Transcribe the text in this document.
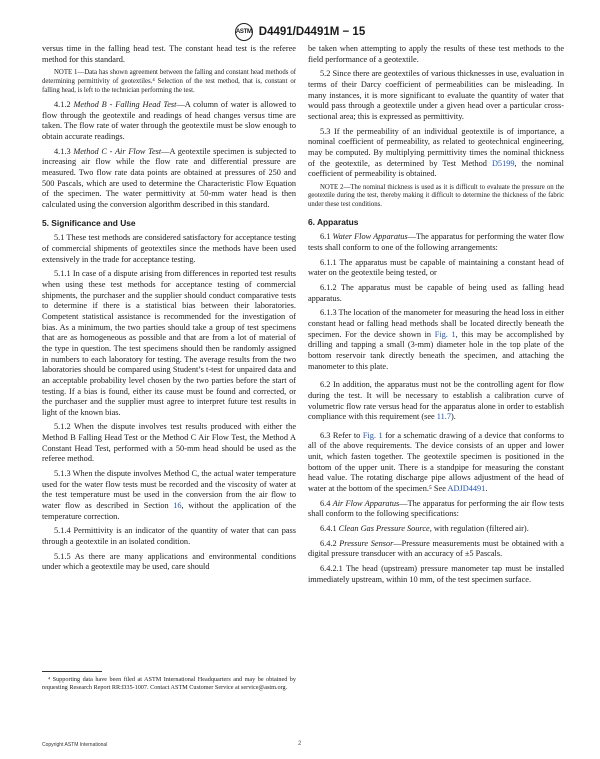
ASTM D4491/D4491M − 15

versus time in the falling head test. The constant head test is the referee method for this standard.

NOTE 1—Data has shown agreement between the falling and constant head methods of determining permittivity of geotextiles.⁴ Selection of the test method, that is, constant or falling head, is left to the technician performing the test.

4.1.2 Method B - Falling Head Test—A column of water is allowed to flow through the geotextile and readings of head changes versus time are taken. The flow rate of water through the geotextile must be slow enough to obtain accurate readings.

4.1.3 Method C - Air Flow Test—A geotextile specimen is subjected to increasing air flow while the flow rate and differential pressure are measured. Two flow rate data points are obtained at pressures of 250 and 500 Pascals, which are used to determine the Characteristic Flow Equation of the specimen. The water permittivity at 50-mm water head is then calculated using the conversion algorithm described in this standard.

5. Significance and Use

5.1 These test methods are considered satisfactory for acceptance testing of commercial shipments of geotextiles since the methods have been used extensively in the trade for acceptance testing.

5.1.1 In case of a dispute arising from differences in reported test results when using these test methods for acceptance testing of commercial shipments, the purchaser and the supplier should conduct comparative tests to determine if there is a statistical bias between their laboratories. Competent statistical assistance is recommended for the investigation of bias. As a minimum, the two parties should take a group of test specimens that are as homogeneous as possible and that are from a lot of material of the type in question. The test specimens should then be randomly assigned in numbers to each laboratory for testing. The average results from the two laboratories should be compared using Student’s t-test for unpaired data and an acceptable probability level chosen by the two parties before the start of testing. If a bias is found, either its cause must be found and corrected, or the purchaser and the supplier must agree to interpret future test results in light of the known bias.

5.1.2 When the dispute involves test results produced with either the Method B Falling Head Test or the Method C Air Flow Test, the Method A Constant Head Test, performed with a 50-mm head should be used as the referee method.

5.1.3 When the dispute involves Method C, the actual water temperature used for the water flow tests must be recorded and the viscosity of water at the test temperature must be used in the conversion from the air flow to water flow as described in Section 16, without the application of the temperature correction.

5.1.4 Permittivity is an indicator of the quantity of water that can pass through a geotextile in an isolated condition.

5.1.5 As there are many applications and environmental conditions under which a geotextile may be used, care should

be taken when attempting to apply the results of these test methods to the field performance of a geotextile.

5.2 Since there are geotextiles of various thicknesses in use, evaluation in terms of their Darcy coefficient of permeabilities can be misleading. In many instances, it is more significant to evaluate the quantity of water that would pass through a geotextile under a given head over a particular cross-sectional area; this is expressed as permittivity.

5.3 If the permeability of an individual geotextile is of importance, a nominal coefficient of permeability, as related to geotechnical engineering, may be computed. By multiplying permittivity times the nominal thickness of the geotextile, as determined by Test Method D5199, the nominal coefficient of permeability is obtained.

NOTE 2—The nominal thickness is used as it is difficult to evaluate the pressure on the geotextile during the test, thereby making it difficult to determine the thickness of the fabric under these test conditions.

6. Apparatus

6.1 Water Flow Apparatus—The apparatus for performing the water flow tests shall conform to one of the following arrangements:

6.1.1 The apparatus must be capable of maintaining a constant head of water on the geotextile being tested, or

6.1.2 The apparatus must be capable of being used as falling head apparatus.

6.1.3 The location of the manometer for measuring the head loss in either constant head or falling head methods shall be located directly beneath the specimen. For the device shown in Fig. 1, this may be accomplished by drilling and tapping a small (3-mm) diameter hole in the top plate of the bottom reservoir tank directly beneath the specimen, and attaching the manometer to this plate.

6.2 In addition, the apparatus must not be the controlling agent for flow during the test. It will be necessary to establish a calibration curve of volumetric flow rate versus head for the apparatus alone in order to establish compliance with this requirement (see 11.7).

6.3 Refer to Fig. 1 for a schematic drawing of a device that conforms to all of the above requirements. The device consists of an upper and lower unit, which fasten together. The geotextile specimen is positioned in the bottom of the upper unit. There is a standpipe for measuring the constant head value. The rotating discharge pipe allows adjustment of the head of water at the bottom of the specimen.⁵ See ADJD4491.

6.4 Air Flow Apparatus—The apparatus for performing the air flow tests shall conform to the following specifications:

6.4.1 Clean Gas Pressure Source, with regulation (filtered air).

6.4.2 Pressure Sensor—Pressure measurements must be obtained with a digital pressure transducer with an accuracy of ±5 Pascals.

6.4.2.1 The head (upstream) pressure manometer tap must be installed immediately upstream, within 10 mm, of the test specimen surface.

⁴ Supporting data have been filed at ASTM International Headquarters and may be obtained by requesting Research Report RR:D35-1007. Contact ASTM Customer Service at service@astm.org.

Copyright ASTM International	2
